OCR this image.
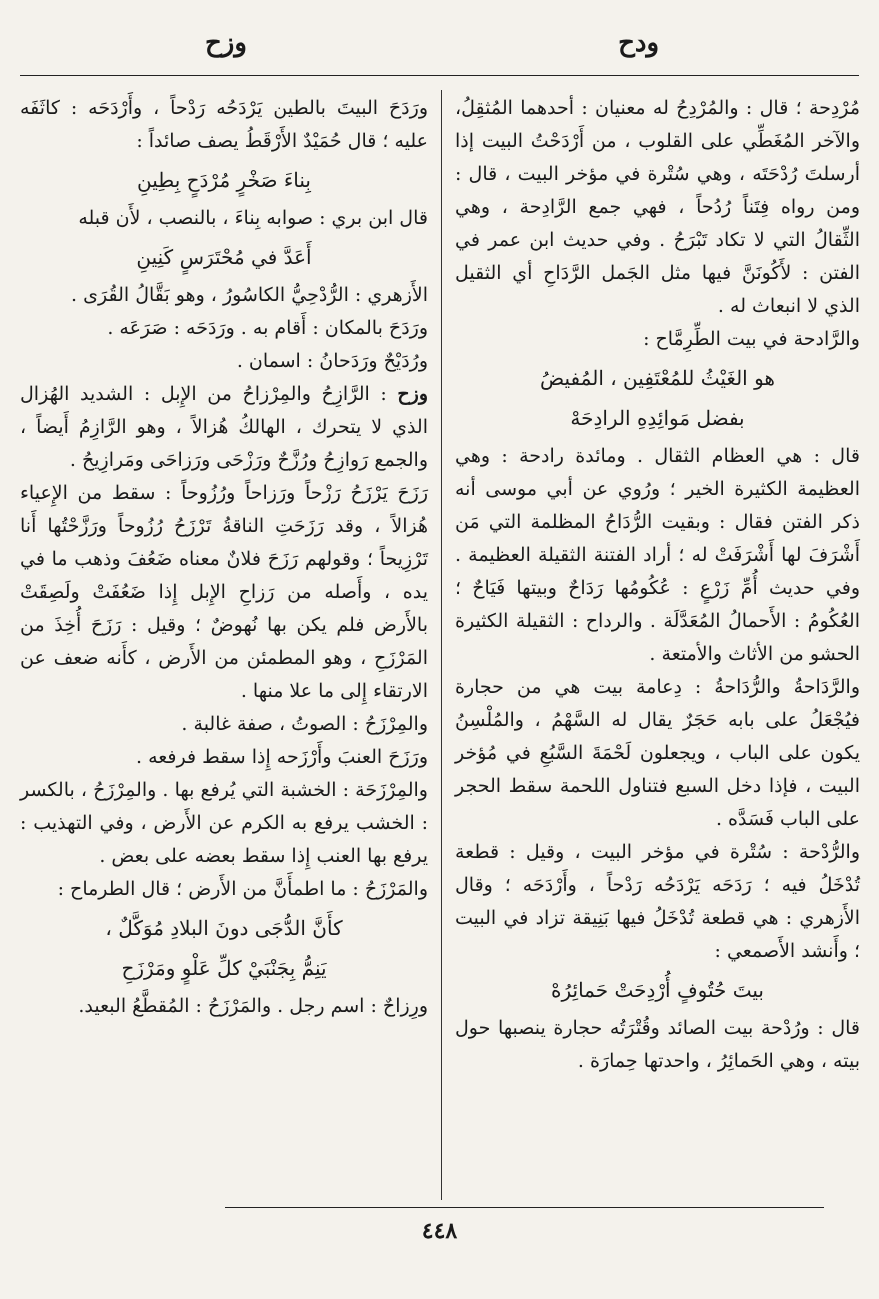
ودح
وزح

مُرْدِحة ؛ قال : والمُرْدِحُ له معنيان : أحدهما المُثقِلُ، والآخر المُغَطِّي على القلوب ، من أَرْدَحْتُ البيت إذا أرسلتَ رُدْحَتَه ، وهي سُتْرة في مؤخر البيت ، قال : ومن رواه فِتَناً رُدُحاً ، فهي جمع الرَّادِحة ، وهي الثِّقالُ التي لا تكاد تَبْرَحُ . وفي حديث ابن عمر في الفتن : لأَكُونَنَّ فيها مثل الجَمل الرَّدَاحِ أي الثقيل الذي لا انبعاث له .

والرَّادحة في بيت الطِّرِمَّاح :

هو الغَيْثُ للمُعْتَفِين ، المُفيضُ

بفضل مَوائِدِهِ الرادِحَهْ

قال : هي العظام الثقال . ومائدة رادحة : وهي العظيمة الكثيرة الخير ؛ ورُوي عن أبي موسى أنه ذكر الفتن فقال : وبقيت الرُّدَاحُ المظلمة التي مَن أَشْرَفَ لها أَشْرَفَتْ له ؛ أراد الفتنة الثقيلة العظيمة . وفي حديث أُمِّ زَرْعٍ : عُكُومُها رَدَاحٌ وبيتها فَيَاحٌ ؛ العُكُومُ : الأَحمالُ المُعَدَّلَة . والرداح : الثقيلة الكثيرة الحشو من الأثاث والأمتعة .

والرَّدَاحةُ والرُّدَاحةُ : دِعامة بيت هي من حجارة فيُجْعَلُ على بابه حَجَرٌ يقال له السَّهْمُ ، والمُلْسِنُ يكون على الباب ، ويجعلون لَحْمَةَ السَّبُعِ في مُؤخر البيت ، فإذا دخل السبع فتناول اللحمة سقط الحجر على الباب فَسَدَّه .

والرُّدْحة : سُتْرة في مؤخر البيت ، وقيل : قطعة تُدْخَلُ فيه ؛ رَدَحَه يَرْدَحُه رَدْحاً ، وأَرْدَحَه ؛ وقال الأَزهري : هي قطعة تُدْخَلُ فيها بَنِيقة تزاد في البيت ؛ وأَنشد الأَصمعي :

بيتَ حُتُوفٍ أُرْدِحَتْ حَمائِرُهْ

قال : ورُدْحة بيت الصائد وقُتْرَتُه حجارة ينصبها حول بيته ، وهي الحَمائِرُ ، واحدتها حِمارَة .

ورَدَحَ البيتَ بالطين يَرْدَحُه رَدْحاً ، وأَرْدَحَه : كاثَفَه عليه ؛ قال حُمَيْدٌ الأَرْقَطُ يصف صائداً :

بِناءَ صَخْرٍ مُرْدَحٍ بِطِينِ

قال ابن بري : صوابه بِناءَ ، بالنصب ، لأَن قبله

أَعَدَّ في مُحْتَرَسٍ كَنِينِ

الأَزهري : الرُّدْحِيُّ الكاسُورُ ، وهو بَقَّالُ القُرَى .

ورَدَحَ بالمكان : أَقام به . ورَدَحَه : صَرَعَه .

ورُدَيْحٌ ورَدَحانُ : اسمان .

وزح : الرَّازِحُ والمِرْزاحُ من الإِبل : الشديد الهُزال الذي لا يتحرك ، الهالكُ هُزالاً ، وهو الرَّازِمُ أَيضاً ، والجمع رَوازِحُ ورُزَّحٌ ورَزْحَى ورَزاحَى ومَرازِيحُ .

رَزَحَ يَرْزَحُ رَزْحاً ورَزاحاً ورُزُوحاً : سقط من الإِعياء هُزالاً ، وقد رَزَحَتِ الناقةُ تَرْزَحُ رُزُوحاً ورَزَّحْتُها أَنا تَرْزِيحاً ؛ وقولهم رَزَحَ فلانٌ معناه ضَعُفَ وذهب ما في يده ، وأَصله من رَزاحِ الإِبل إِذا ضَعُفَتْ ولَصِقَتْ بالأَرض فلم يكن بها نُهوضٌ ؛ وقيل : رَزَحَ أُخِذَ من المَرْزَحِ ، وهو المطمئن من الأَرض ، كأَنه ضعف عن الارتقاء إِلى ما علا منها .

والمِرْزَحُ : الصوتُ ، صفة غالبة .

ورَزَحَ العنبَ وأَرْزَحه إِذا سقط فرفعه .

والمِرْزَحَة : الخشبة التي يُرفع بها . والمِرْزَحُ ، بالكسر : الخشب يرفع به الكرم عن الأَرض ، وفي التهذيب : يرفع بها العنب إِذا سقط بعضه على بعض .

والمَرْزَحُ : ما اطمأَنَّ من الأَرض ؛ قال الطرماح :

كأَنَّ الدُّجَى دونَ البلادِ مُوَكَّلٌ ،

يَنِمُّ بِجَنْبَيْ كلِّ عَلْوٍ ومَرْزَحِ

ورِزاحٌ : اسم رجل . والمَرْزَحُ : المُقطَّعُ البعيد.

٤٤٨
